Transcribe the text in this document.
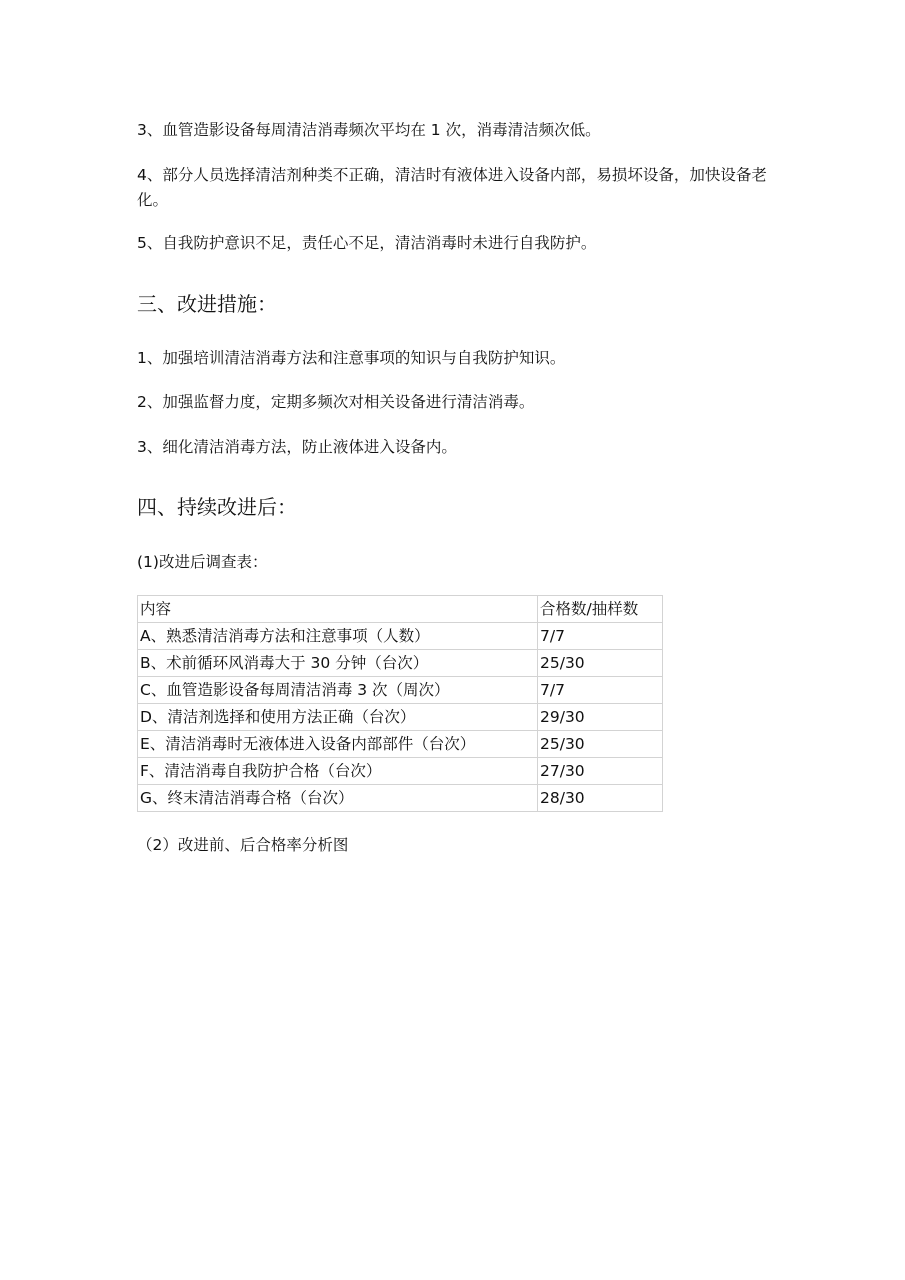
3、血管造影设备每周清洁消毒频次平均在 1 次，消毒清洁频次低。

4、部分人员选择清洁剂种类不正确，清洁时有液体进入设备内部，易损坏设备，加快设备老化。

5、自我防护意识不足，责任心不足，清洁消毒时未进行自我防护。

三、改进措施：

1、加强培训清洁消毒方法和注意事项的知识与自我防护知识。

2、加强监督力度，定期多频次对相关设备进行清洁消毒。

3、细化清洁消毒方法，防止液体进入设备内。

四、持续改进后：

(1)改进后调查表：

内容	合格数/抽样数
A、熟悉清洁消毒方法和注意事项（人数）	7/7
B、术前循环风消毒大于 30 分钟（台次）	25/30
C、血管造影设备每周清洁消毒 3 次（周次）	7/7
D、清洁剂选择和使用方法正确（台次）	29/30
E、清洁消毒时无液体进入设备内部部件（台次）	25/30
F、清洁消毒自我防护合格（台次）	27/30
G、终末清洁消毒合格（台次）	28/30

（2）改进前、后合格率分析图
